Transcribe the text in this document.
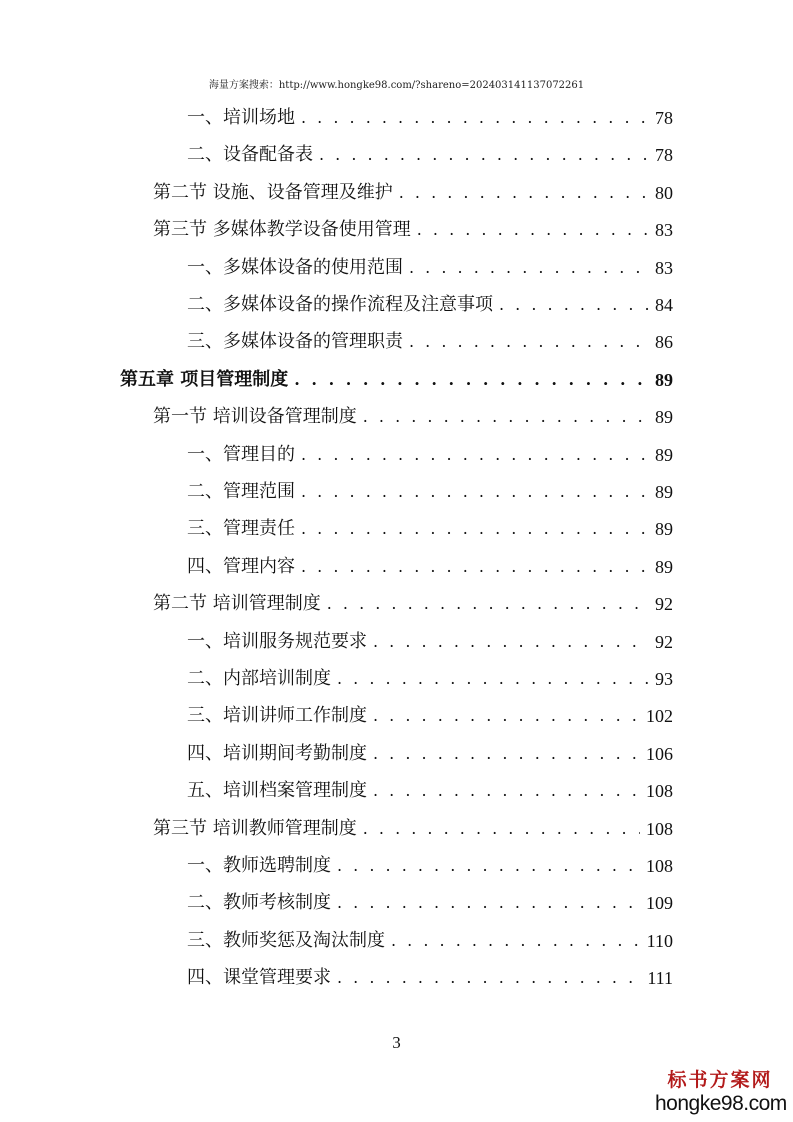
海量方案搜索：http://www.hongke98.com/?shareno=202403141137072261
一、培训场地 . . .	78
二、设备配备表 . . .	78
第二节 设施、设备管理及维护 . . .	80
第三节 多媒体教学设备使用管理 . . .	83
一、多媒体设备的使用范围 . . .	83
二、多媒体设备的操作流程及注意事项 . . .	84
三、多媒体设备的管理职责 . . .	86
第五章 项目管理制度 . . .	89
第一节 培训设备管理制度 . . .	89
一、管理目的 . . .	89
二、管理范围 . . .	89
三、管理责任 . . .	89
四、管理内容 . . .	89
第二节 培训管理制度 . . .	92
一、培训服务规范要求 . . .	92
二、内部培训制度 . . .	93
三、培训讲师工作制度 . . .	102
四、培训期间考勤制度 . . .	106
五、培训档案管理制度 . . .	108
第三节 培训教师管理制度 . . .	108
一、教师选聘制度 . . .	108
二、教师考核制度 . . .	109
三、教师奖惩及淘汰制度 . . .	110
四、课堂管理要求 . . .	111
3
标书方案网
hongke98.com
